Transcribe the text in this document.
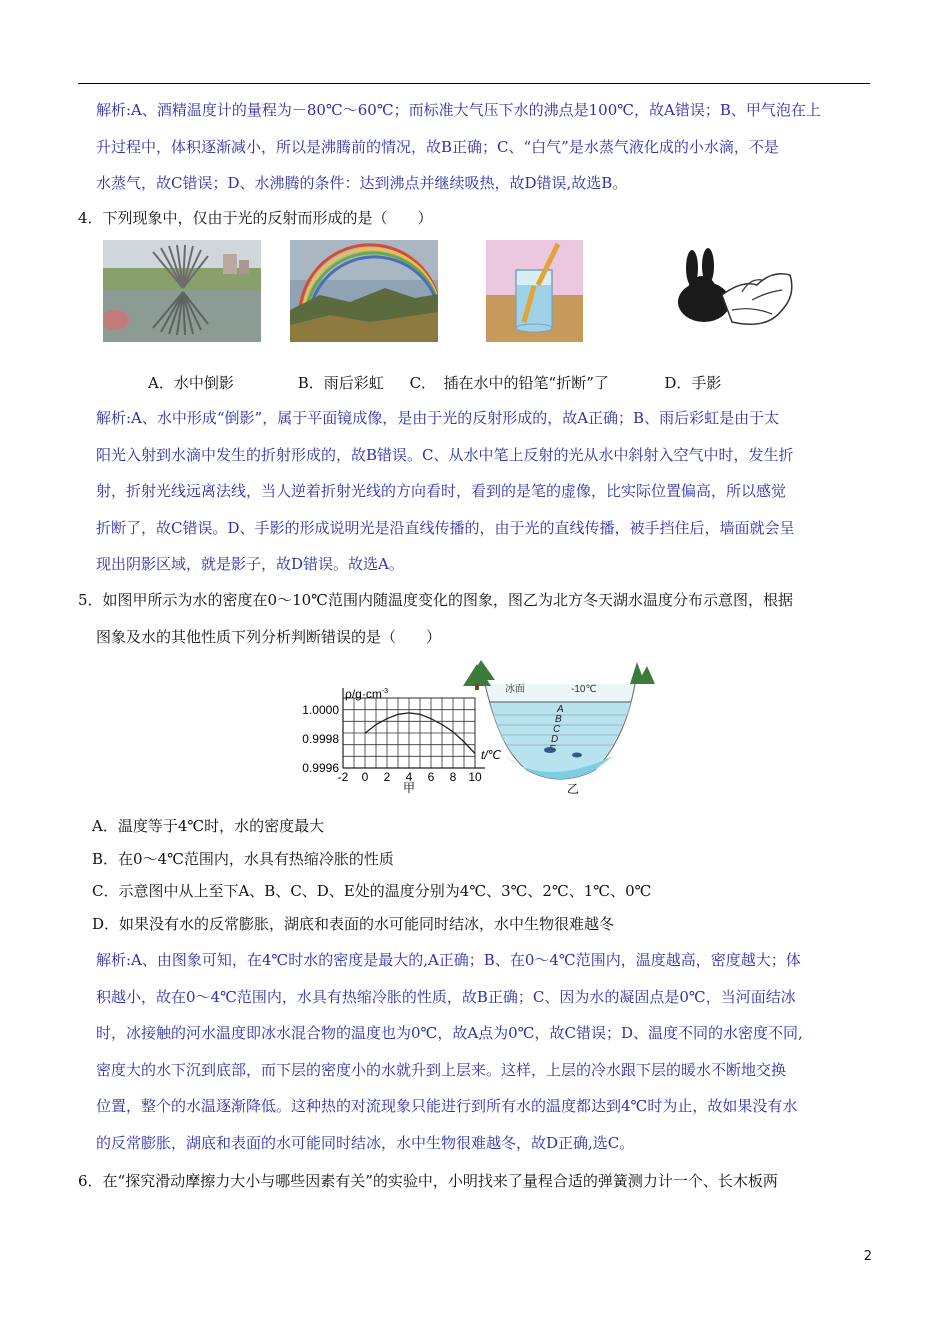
解析:A、酒精温度计的量程为－80℃～60℃；而标准大气压下水的沸点是100℃，故A错误；B、甲气泡在上
升过程中，体积逐渐减小，所以是沸腾前的情况，故B正确；C、“白气”是水蒸气液化成的小水滴，不是
水蒸气，故C错误；D、水沸腾的条件：达到沸点并继续吸热，故D错误,故选B。
4．下列现象中，仅由于光的反射而形成的是（　　）
A．水中倒影	B．雨后彩虹 C．　插在水中的铅笔“折断”了	D．手影
解析:A、水中形成“倒影”，属于平面镜成像，是由于光的反射形成的，故A正确；B、雨后彩虹是由于太
阳光入射到水滴中发生的折射形成的，故B错误。C、从水中笔上反射的光从水中斜射入空气中时，发生折
射，折射光线远离法线，当人逆着折射光线的方向看时，看到的是笔的虚像，比实际位置偏高，所以感觉
折断了，故C错误。D、手影的形成说明光是沿直线传播的，由于光的直线传播，被手挡住后，墙面就会呈
现出阴影区域，就是影子，故D错误。故选A。
5．如图甲所示为水的密度在0～10℃范围内随温度变化的图象，图乙为北方冬天湖水温度分布示意图，根据
图象及水的其他性质下列分析判断错误的是（　　）
$\rho/g\cdot cm^{-3}$
t/℃
1.0000
0.9998
0.9996
-2 0 2 4 6 8 10
甲
冰面	-10℃
A
B
C
D
乙
A．温度等于4℃时，水的密度最大
B．在0～4℃范围内，水具有热缩冷胀的性质
C．示意图中从上至下A、B、C、D、E处的温度分别为4℃、3℃、2℃、1℃、0℃
D．如果没有水的反常膨胀，湖底和表面的水可能同时结冰，水中生物很难越冬
解析:A、由图象可知，在4℃时水的密度是最大的,A正确；B、在0～4℃范围内，温度越高，密度越大；体
积越小，故在0～4℃范围内，水具有热缩冷胀的性质，故B正确；C、因为水的凝固点是0℃，当河面结冰
时，冰接触的河水温度即冰水混合物的温度也为0℃，故A点为0℃，故C错误；D、温度不同的水密度不同,
密度大的水下沉到底部，而下层的密度小的水就升到上层来。这样，上层的冷水跟下层的暖水不断地交换
位置，整个的水温逐渐降低。这种热的对流现象只能进行到所有水的温度都达到4℃时为止，故如果没有水
的反常膨胀，湖底和表面的水可能同时结冰，水中生物很难越冬，故D正确,选C。
6．在“探究滑动摩擦力大小与哪些因素有关”的实验中，小明找来了量程合适的弹簧测力计一个、长木板两
2
